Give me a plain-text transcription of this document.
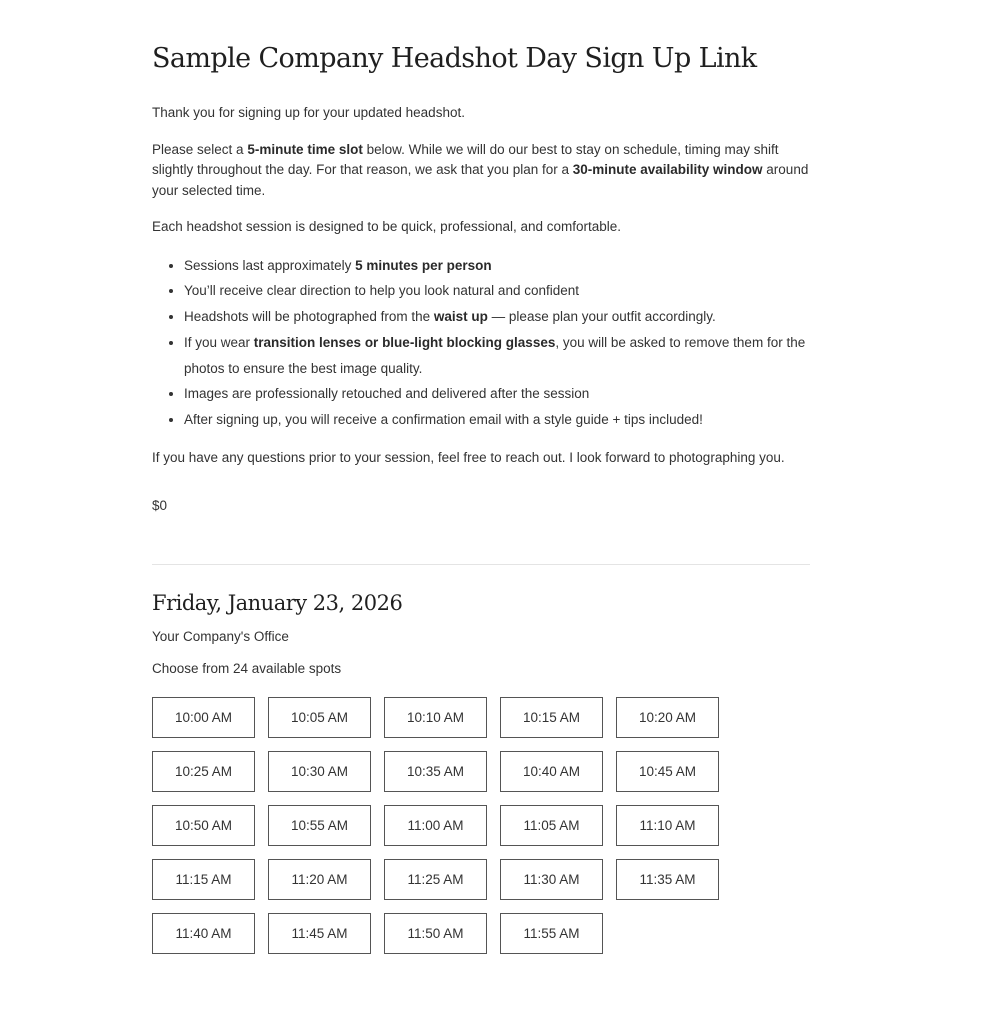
Sample Company Headshot Day Sign Up Link

Thank you for signing up for your updated headshot.

Please select a 5-minute time slot below. While we will do our best to stay on schedule, timing may shift slightly throughout the day. For that reason, we ask that you plan for a 30-minute availability window around your selected time.

Each headshot session is designed to be quick, professional, and comfortable.

• Sessions last approximately 5 minutes per person
• You’ll receive clear direction to help you look natural and confident
• Headshots will be photographed from the waist up — please plan your outfit accordingly.
• If you wear transition lenses or blue-light blocking glasses, you will be asked to remove them for the photos to ensure the best image quality.
• Images are professionally retouched and delivered after the session
• After signing up, you will receive a confirmation email with a style guide + tips included!

If you have any questions prior to your session, feel free to reach out. I look forward to photographing you.

$0
Friday, January 23, 2026
Your Company's Office
Choose from 24 available spots
10:00 AM	10:05 AM	10:10 AM	10:15 AM	10:20 AM
10:25 AM	10:30 AM	10:35 AM	10:40 AM	10:45 AM
10:50 AM	10:55 AM	11:00 AM	11:05 AM	11:10 AM
11:15 AM	11:20 AM	11:25 AM	11:30 AM	11:35 AM
11:40 AM	11:45 AM	11:50 AM	11:55 AM
